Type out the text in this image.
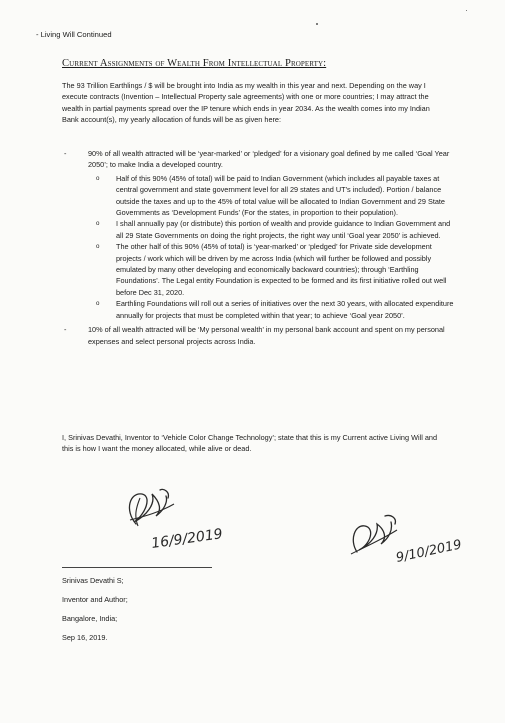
- Living Will Continued
Current Assignments of Wealth From Intellectual Property:
The 93 Trillion Earthlings / $ will be brought into India as my wealth in this year and next. Depending on the way I execute contracts (Invention – Intellectual Property sale agreements) with one or more countries; I may attract the wealth in partial payments spread over the IP tenure which ends in year 2034. As the wealth comes into my Indian Bank account(s), my yearly allocation of funds will be as given here:
-	90% of all wealth attracted will be ‘year-marked’ or ‘pledged’ for a visionary goal defined by me called ‘Goal Year 2050’; to make India a developed country.
o Half of this 90% (45% of total) will be paid to Indian Government (which includes all payable taxes at central government and state government level for all 29 states and UT’s included). Portion / balance outside the taxes and up to the 45% of total value will be allocated to Indian Government and 29 State Governments as ‘Development Funds’ (For the states, in proportion to their population).
o I shall annually pay (or distribute) this portion of wealth and provide guidance to Indian Government and all 29 State Governments on doing the right projects, the right way until ‘Goal year 2050’ is achieved.
o The other half of this 90% (45% of total) is ‘year-marked’ or ‘pledged’ for Private side development projects / work which will be driven by me across India (which will further be followed and possibly emulated by many other developing and economically backward countries); through ‘Earthling Foundations’. The Legal entity Foundation is expected to be formed and its first initiative rolled out well before Dec 31, 2020.
o Earthling Foundations will roll out a series of initiatives over the next 30 years, with allocated expenditure annually for projects that must be completed within that year; to achieve ‘Goal year 2050’.
-	10% of all wealth attracted will be ‘My personal wealth’ in my personal bank account and spent on my personal expenses and select personal projects across India.
I, Srinivas Devathi, Inventor to ‘Vehicle Color Change Technology’; state that this is my Current active Living Will and this is how I want the money allocated, while alive or dead.
16/9/2019	9/10/2019
Srinivas Devathi S;
Inventor and Author;
Bangalore, India;
Sep 16, 2019.
